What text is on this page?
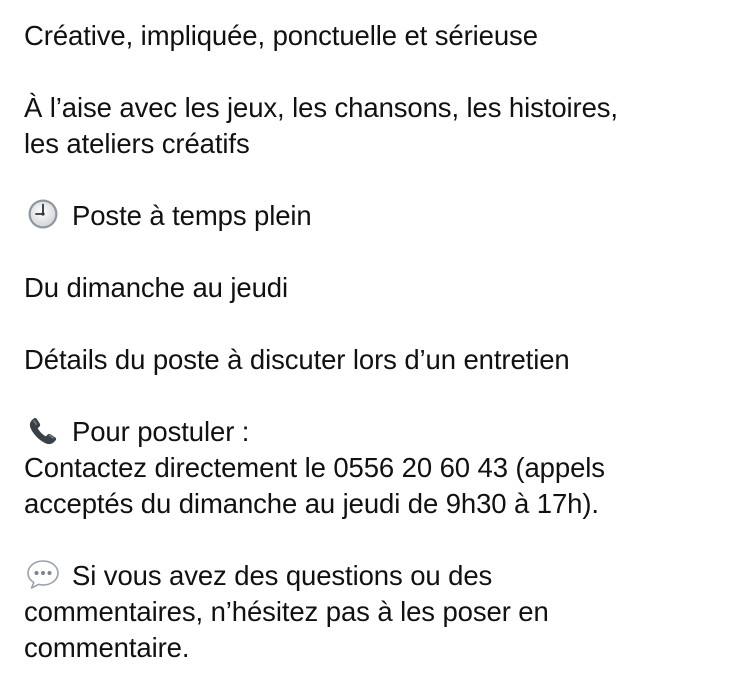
Créative, impliquée, ponctuelle et sérieuse

À l’aise avec les jeux, les chansons, les histoires,
les ateliers créatifs

Poste à temps plein

Du dimanche au jeudi

Détails du poste à discuter lors d’un entretien

Pour postuler :
Contactez directement le 0556 20 60 43 (appels
acceptés du dimanche au jeudi de 9h30 à 17h).

Si vous avez des questions ou des
commentaires, n’hésitez pas à les poser en
commentaire.
